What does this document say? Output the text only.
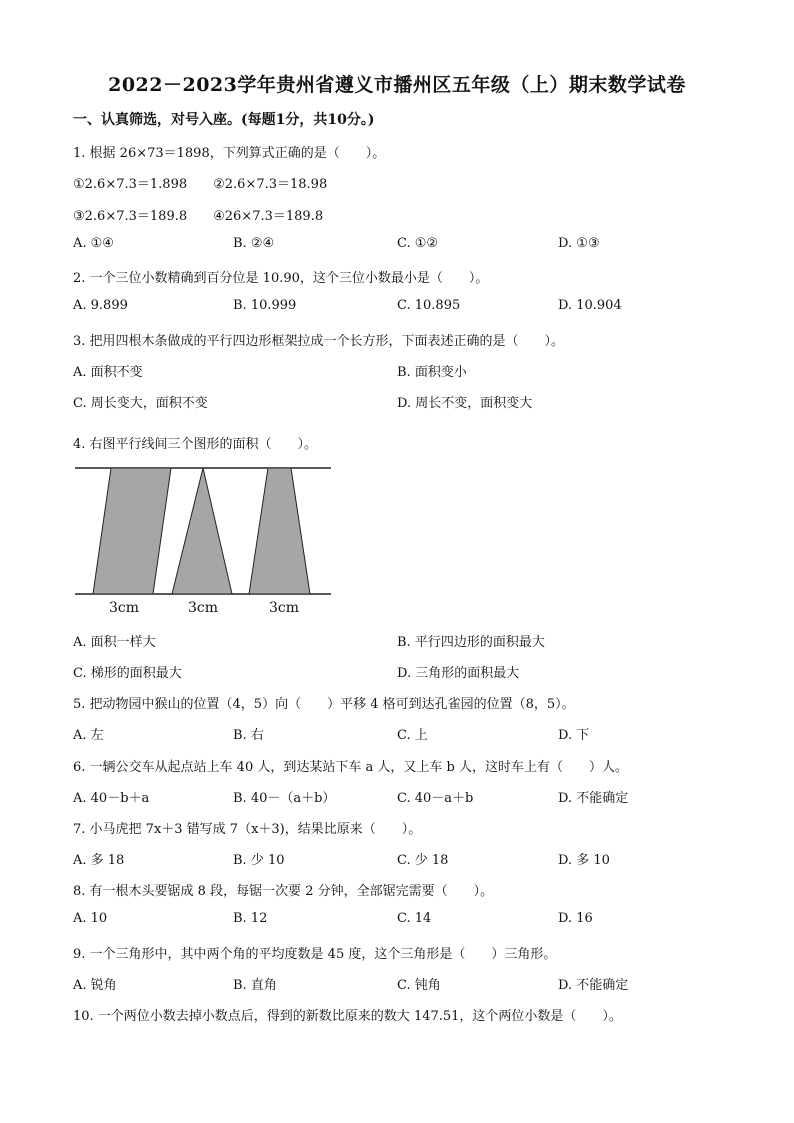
2022－2023学年贵州省遵义市播州区五年级（上）期末数学试卷
一、认真筛选，对号入座。(每题1分，共10分。)
1. 根据 26×73＝1898，下列算式正确的是（　　）。
①2.6×7.3＝1.898　　②2.6×7.3＝18.98
③2.6×7.3＝189.8　　④26×7.3＝189.8
A. ①④	B. ②④	C. ①②	D. ①③
2. 一个三位小数精确到百分位是 10.90，这个三位小数最小是（　　）。
A. 9.899	B. 10.999	C. 10.895	D. 10.904
3. 把用四根木条做成的平行四边形框架拉成一个长方形，下面表述正确的是（　　）。
A. 面积不变	B. 面积变小
C. 周长变大，面积不变	D. 周长不变，面积变大
4. 右图平行线间三个图形的面积（　　）。
3cm	3cm	3cm
A. 面积一样大	B. 平行四边形的面积最大
C. 梯形的面积最大	D. 三角形的面积最大
5. 把动物园中猴山的位置（4，5）向（　　）平移 4 格可到达孔雀园的位置（8，5）。
A. 左	B. 右	C. 上	D. 下
6. 一辆公交车从起点站上车 40 人，到达某站下车 a 人，又上车 b 人，这时车上有（　　）人。
A. 40－b＋a	B. 40－（a＋b）	C. 40－a＋b	D. 不能确定
7. 小马虎把 7x＋3 错写成 7（x＋3)，结果比原来（　　）。
A. 多 18	B. 少 10	C. 少 18	D. 多 10
8. 有一根木头要锯成 8 段，每锯一次要 2 分钟，全部锯完需要（　　）。
A. 10	B. 12	C. 14	D. 16
9. 一个三角形中，其中两个角的平均度数是 45 度，这个三角形是（　　）三角形。
A. 锐角	B. 直角	C. 钝角	D. 不能确定
10. 一个两位小数去掉小数点后，得到的新数比原来的数大 147.51，这个两位小数是（　　）。
